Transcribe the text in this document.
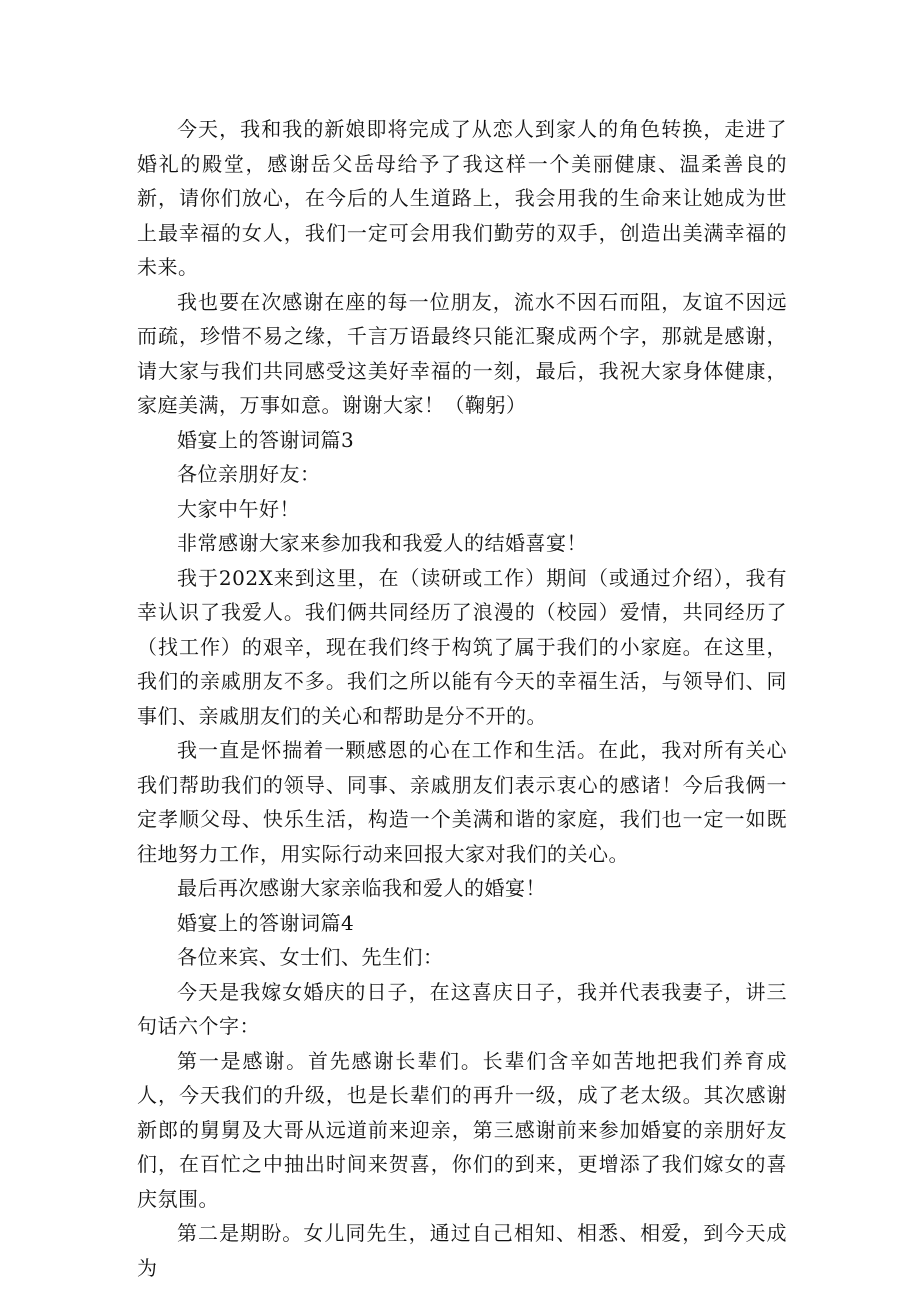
今天，我和我的新娘即将完成了从恋人到家人的角色转换，走进了婚礼的殿堂，感谢岳父岳母给予了我这样一个美丽健康、温柔善良的新，请你们放心，在今后的人生道路上，我会用我的生命来让她成为世上最幸福的女人，我们一定可会用我们勤劳的双手，创造出美满幸福的未来。

我也要在次感谢在座的每一位朋友，流水不因石而阻，友谊不因远而疏，珍惜不易之缘，千言万语最终只能汇聚成两个字，那就是感谢，请大家与我们共同感受这美好幸福的一刻，最后，我祝大家身体健康，家庭美满，万事如意。谢谢大家！（鞠躬）

婚宴上的答谢词篇3

各位亲朋好友：

大家中午好！

非常感谢大家来参加我和我爱人的结婚喜宴！

我于202X来到这里，在（读研或工作）期间（或通过介绍），我有幸认识了我爱人。我们俩共同经历了浪漫的（校园）爱情，共同经历了（找工作）的艰辛，现在我们终于构筑了属于我们的小家庭。在这里，我们的亲戚朋友不多。我们之所以能有今天的幸福生活，与领导们、同事们、亲戚朋友们的关心和帮助是分不开的。

我一直是怀揣着一颗感恩的心在工作和生活。在此，我对所有关心我们帮助我们的领导、同事、亲戚朋友们表示衷心的感诸！今后我俩一定孝顺父母、快乐生活，构造一个美满和谐的家庭，我们也一定一如既往地努力工作，用实际行动来回报大家对我们的关心。

最后再次感谢大家亲临我和爱人的婚宴！

婚宴上的答谢词篇4

各位来宾、女士们、先生们：

今天是我嫁女婚庆的日子，在这喜庆日子，我并代表我妻子，讲三句话六个字：

第一是感谢。首先感谢长辈们。长辈们含辛如苦地把我们养育成人，今天我们的升级，也是长辈们的再升一级，成了老太级。其次感谢新郎的舅舅及大哥从远道前来迎亲，第三感谢前来参加婚宴的亲朋好友们，在百忙之中抽出时间来贺喜，你们的到来，更增添了我们嫁女的喜庆氛围。

第二是期盼。女儿同先生，通过自己相知、相悉、相爱，到今天成为
